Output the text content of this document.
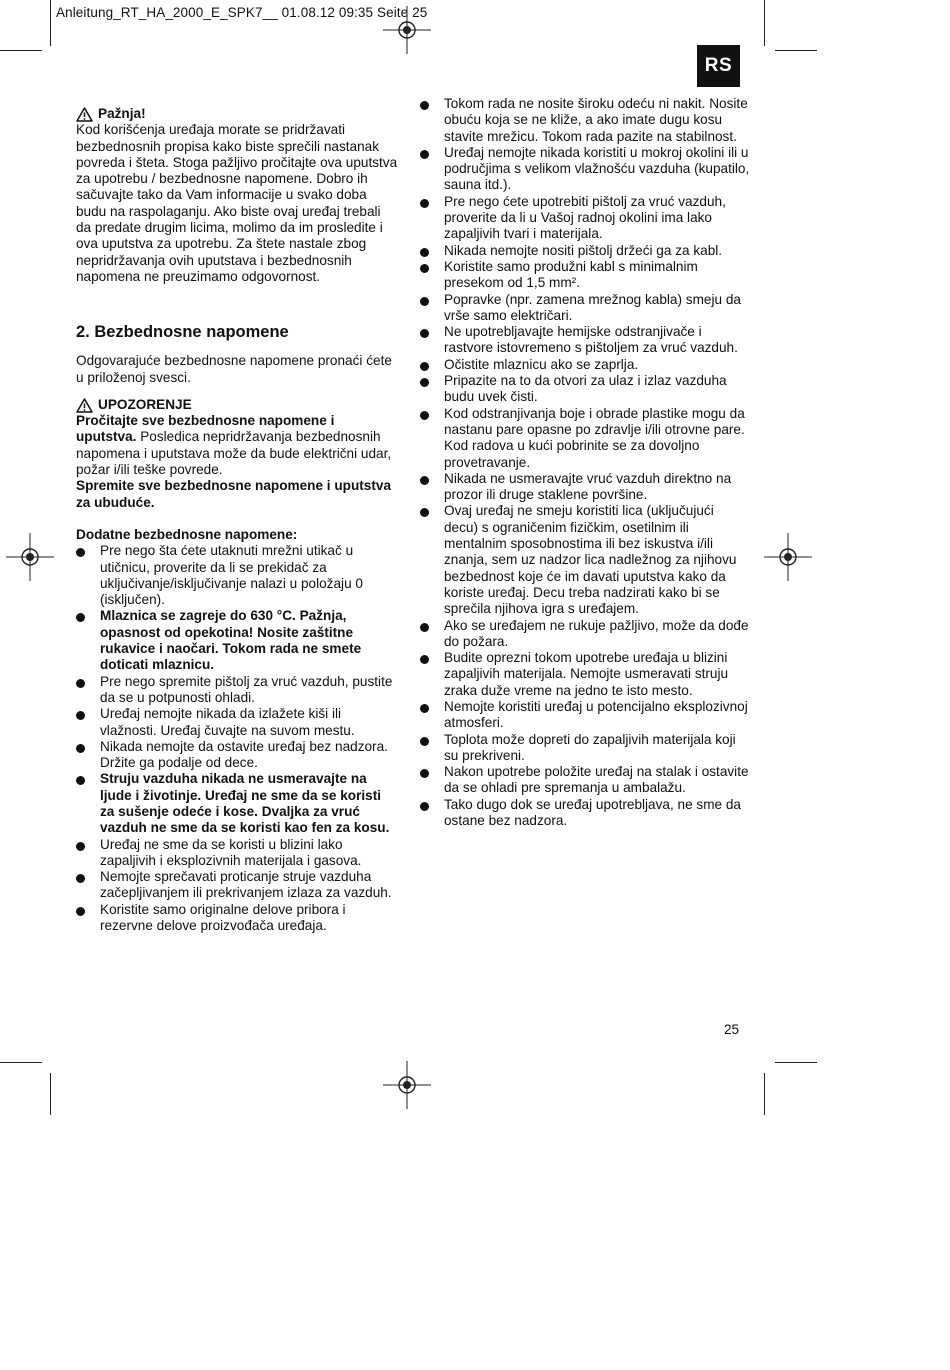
Anleitung_RT_HA_2000_E_SPK7__ 01.08.12 09:35 Seite 25
RS
Pažnja!

Kod korišćenja uređaja morate se pridržavati bezbednosnih propisa kako biste sprečili nastanak povreda i šteta. Stoga pažljivo pročitajte ova uputstva za upotrebu / bezbednosne napomene. Dobro ih sačuvajte tako da Vam informacije u svako doba budu na raspolaganju. Ako biste ovaj uređaj trebali da predate drugim licima, molimo da im prosledite i ova uputstva za upotrebu. Za štete nastale zbog nepridržavanja ovih uputstava i bezbednosnih napomena ne preuzimamo odgovornost.

2. Bezbednosne napomene

Odgovarajuće bezbednosne napomene pronaći ćete u priloženoj svesci.

UPOZORENJE

Pročitajte sve bezbednosne napomene i uputstva. Posledica nepridržavanja bezbednosnih napomena i uputstava može da bude električni udar, požar i/ili teške povrede.

Spremite sve bezbednosne napomene i uputstva za ubuduće.

Dodatne bezbednosne napomene:

Pre nego šta ćete utaknuti mrežni utikač u utičnicu, proverite da li se prekidač za uključivanje/isključivanje nalazi u položaju 0 (isključen).
Mlaznica se zagreje do 630 °C. Pažnja, opasnost od opekotina! Nosite zaštitne rukavice i naočari. Tokom rada ne smete doticati mlaznicu.
Pre nego spremite pištolj za vruć vazduh, pustite da se u potpunosti ohladi.
Uređaj nemojte nikada da izlažete kiši ili vlažnosti. Uređaj čuvajte na suvom mestu.
Nikada nemojte da ostavite uređaj bez nadzora. Držite ga podalje od dece.
Struju vazduha nikada ne usmeravajte na ljude i životinje. Uređaj ne sme da se koristi za sušenje odeće i kose. Dvaljka za vruć vazduh ne sme da se koristi kao fen za kosu.
Uređaj ne sme da se koristi u blizini lako zapaljivih i eksplozivnih materijala i gasova.
Nemojte sprečavati proticanje struje vazduha začepljivanjem ili prekrivanjem izlaza za vazduh.
Koristite samo originalne delove pribora i rezervne delove proizvođača uređaja.
Tokom rada ne nosite široku odeću ni nakit. Nosite obuću koja se ne kliže, a ako imate dugu kosu stavite mrežicu. Tokom rada pazite na stabilnost.
Uređaj nemojte nikada koristiti u mokroj okolini ili u područjima s velikom vlažnošću vazduha (kupatilo, sauna itd.).
Pre nego ćete upotrebiti pištolj za vruć vazduh, proverite da li u Vašoj radnoj okolini ima lako zapaljivih tvari i materijala.
Nikada nemojte nositi pištolj držeći ga za kabl.
Koristite samo produžni kabl s minimalnim presekom od 1,5 mm².
Popravke (npr. zamena mrežnog kabla) smeju da vrše samo električari.
Ne upotrebljavajte hemijske odstranjivače i rastvore istovremeno s pištoljem za vruć vazduh.
Očistite mlaznicu ako se zaprlja.
Pripazite na to da otvori za ulaz i izlaz vazduha budu uvek čisti.
Kod odstranjivanja boje i obrade plastike mogu da nastanu pare opasne po zdravlje i/ili otrovne pare. Kod radova u kući pobrinite se za dovoljno provetravanje.
Nikada ne usmeravajte vruć vazduh direktno na prozor ili druge staklene površine.
Ovaj uređaj ne smeju koristiti lica (uključujući decu) s ograničenim fizičkim, osetilnim ili mentalnim sposobnostima ili bez iskustva i/ili znanja, sem uz nadzor lica nadležnog za njihovu bezbednost koje će im davati uputstva kako da koriste uređaj. Decu treba nadzirati kako bi se sprečila njihova igra s uređajem.
Ako se uređajem ne rukuje pažljivo, može da dođe do požara.
Budite oprezni tokom upotrebe uređaja u blizini zapaljivih materijala. Nemojte usmeravati struju zraka duže vreme na jedno te isto mesto.
Nemojte koristiti uređaj u potencijalno eksplozivnoj atmosferi.
Toplota može dopreti do zapaljivih materijala koji su prekriveni.
Nakon upotrebe položite uređaj na stalak i ostavite da se ohladi pre spremanja u ambalažu.
Tako dugo dok se uređaj upotrebljava, ne sme da ostane bez nadzora.
25
